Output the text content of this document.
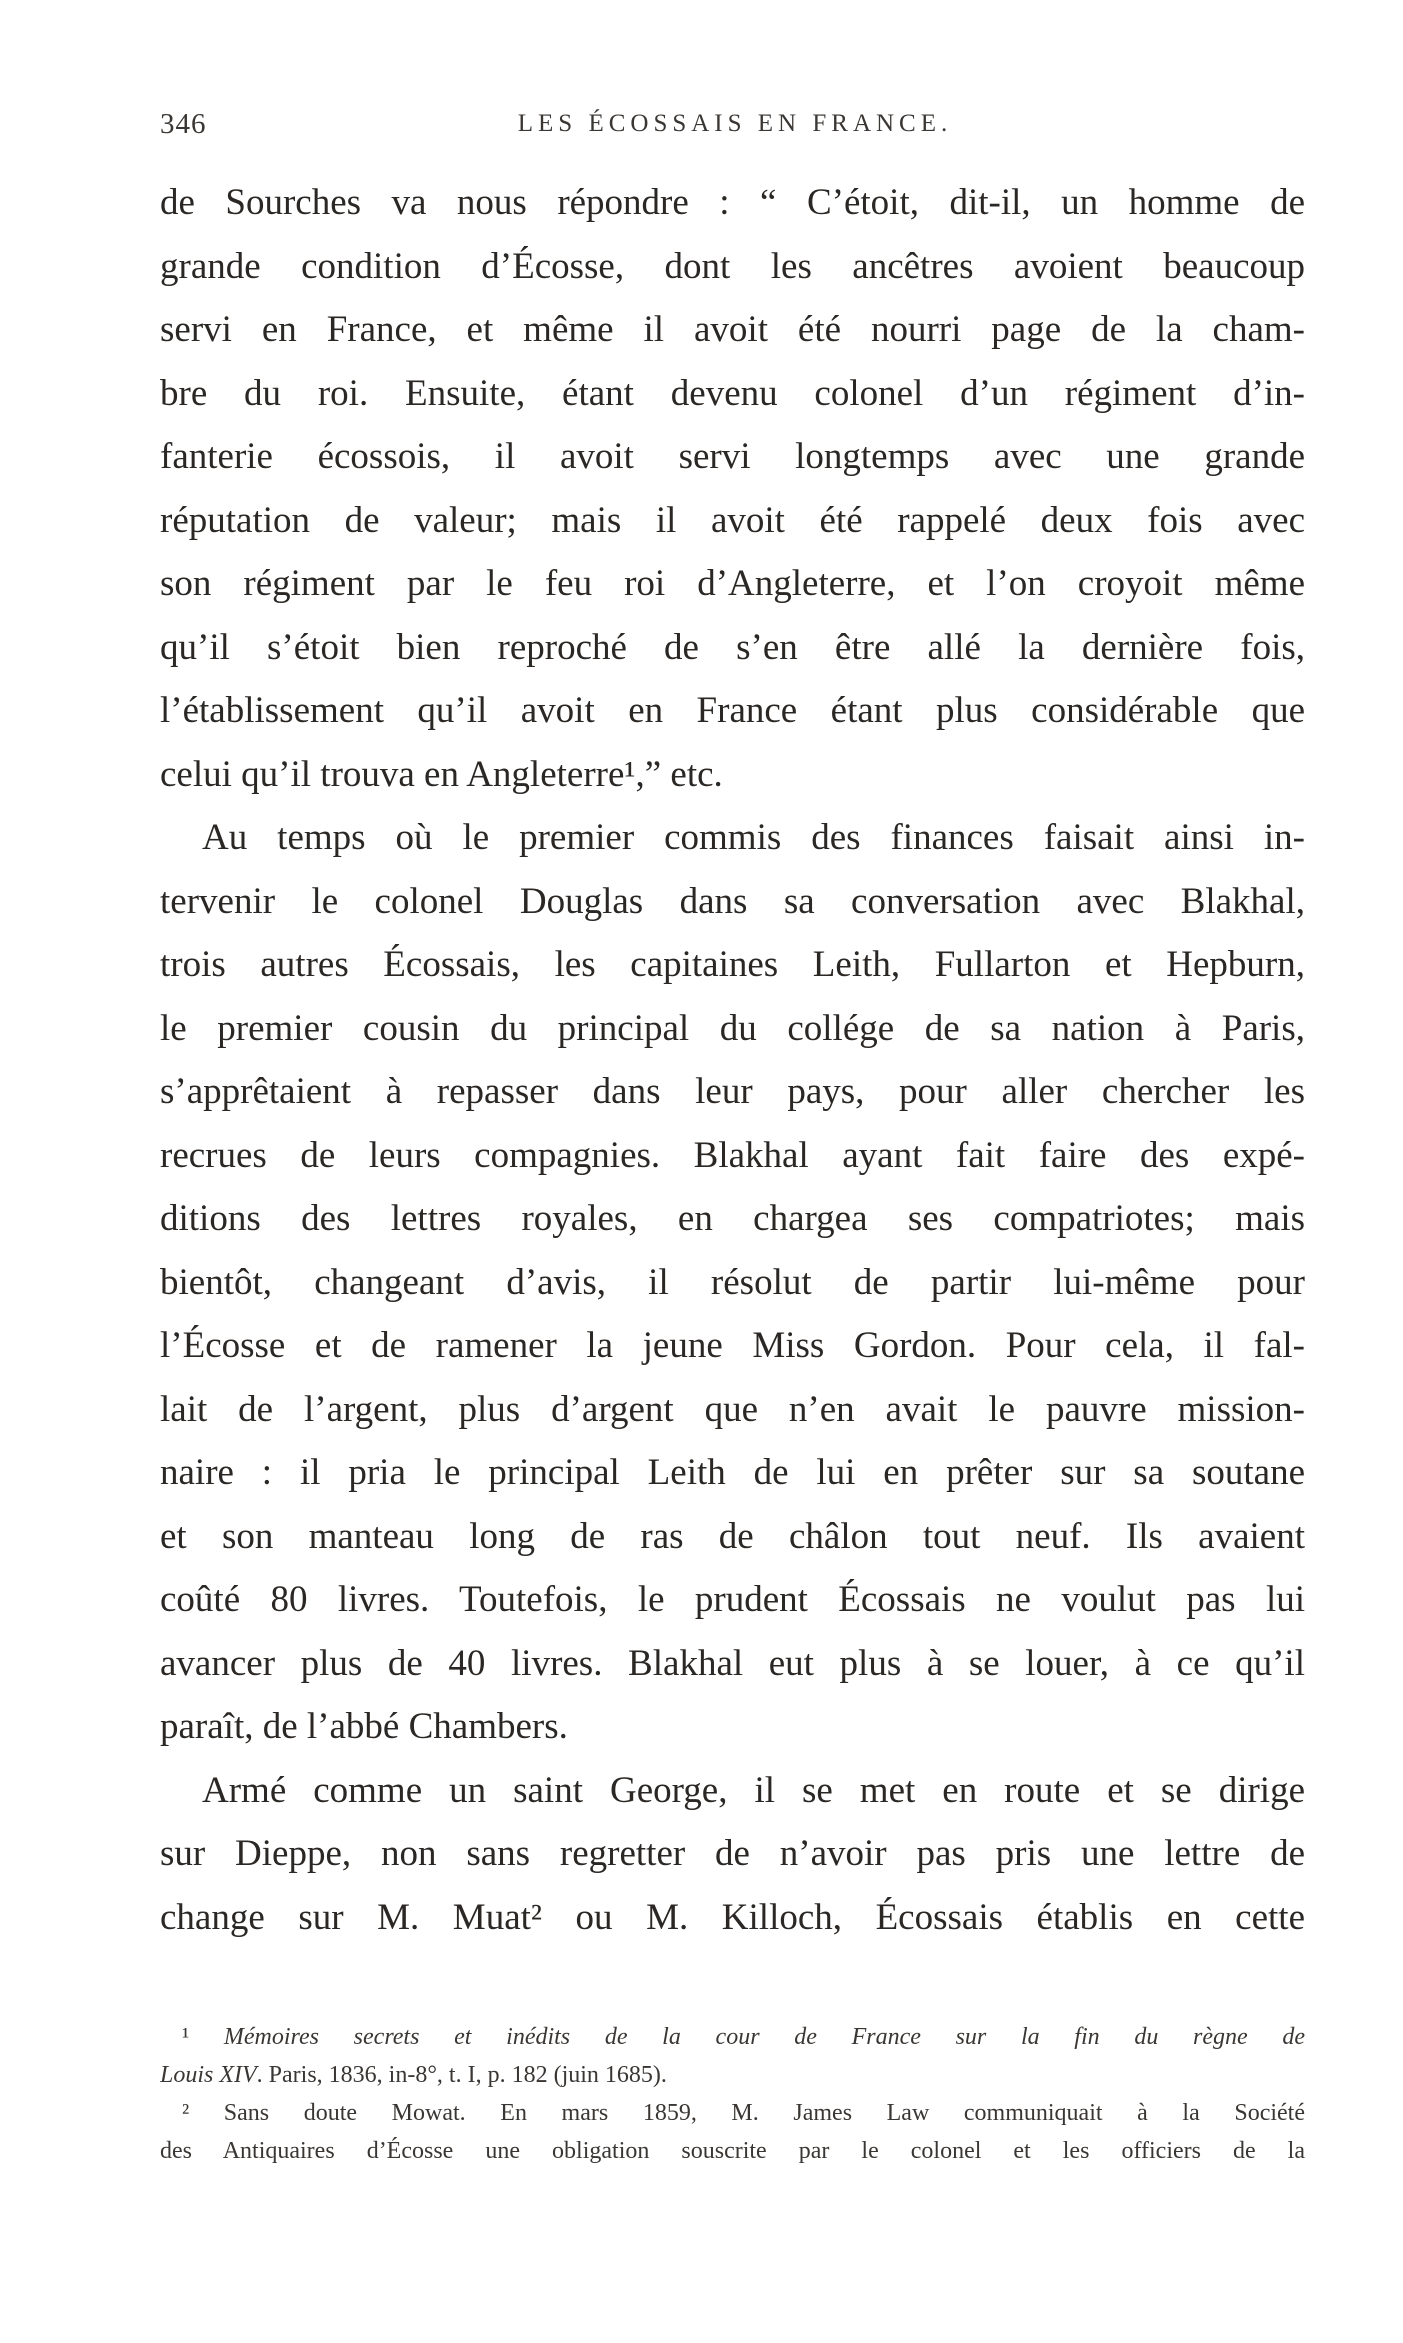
346	LES ÉCOSSAIS EN FRANCE.
de Sourches va nous répondre : “ C’étoit, dit-il, un homme de
grande condition d’Écosse, dont les ancêtres avoient beaucoup
servi en France, et même il avoit été nourri page de la cham-
bre du roi. Ensuite, étant devenu colonel d’un régiment d’in-
fanterie écossois, il avoit servi longtemps avec une grande
réputation de valeur; mais il avoit été rappelé deux fois avec
son régiment par le feu roi d’Angleterre, et l’on croyoit même
qu’il s’étoit bien reproché de s’en être allé la dernière fois,
l’établissement qu’il avoit en France étant plus considérable que
celui qu’il trouva en Angleterre¹,” etc.
Au temps où le premier commis des finances faisait ainsi in-
tervenir le colonel Douglas dans sa conversation avec Blakhal,
trois autres Écossais, les capitaines Leith, Fullarton et Hepburn,
le premier cousin du principal du collége de sa nation à Paris,
s’apprêtaient à repasser dans leur pays, pour aller chercher les
recrues de leurs compagnies. Blakhal ayant fait faire des expé-
ditions des lettres royales, en chargea ses compatriotes; mais
bientôt, changeant d’avis, il résolut de partir lui-même pour
l’Écosse et de ramener la jeune Miss Gordon. Pour cela, il fal-
lait de l’argent, plus d’argent que n’en avait le pauvre mission-
naire : il pria le principal Leith de lui en prêter sur sa soutane
et son manteau long de ras de châlon tout neuf. Ils avaient
coûté 80 livres. Toutefois, le prudent Écossais ne voulut pas lui
avancer plus de 40 livres. Blakhal eut plus à se louer, à ce qu’il
paraît, de l’abbé Chambers.
Armé comme un saint George, il se met en route et se dirige
sur Dieppe, non sans regretter de n’avoir pas pris une lettre de
change sur M. Muat² ou M. Killoch, Écossais établis en cette
¹ Mémoires secrets et inédits de la cour de France sur la fin du règne de
Louis XIV. Paris, 1836, in-8°, t. I, p. 182 (juin 1685).
² Sans doute Mowat. En mars 1859, M. James Law communiquait à la Société
des Antiquaires d’Écosse une obligation souscrite par le colonel et les officiers de la
